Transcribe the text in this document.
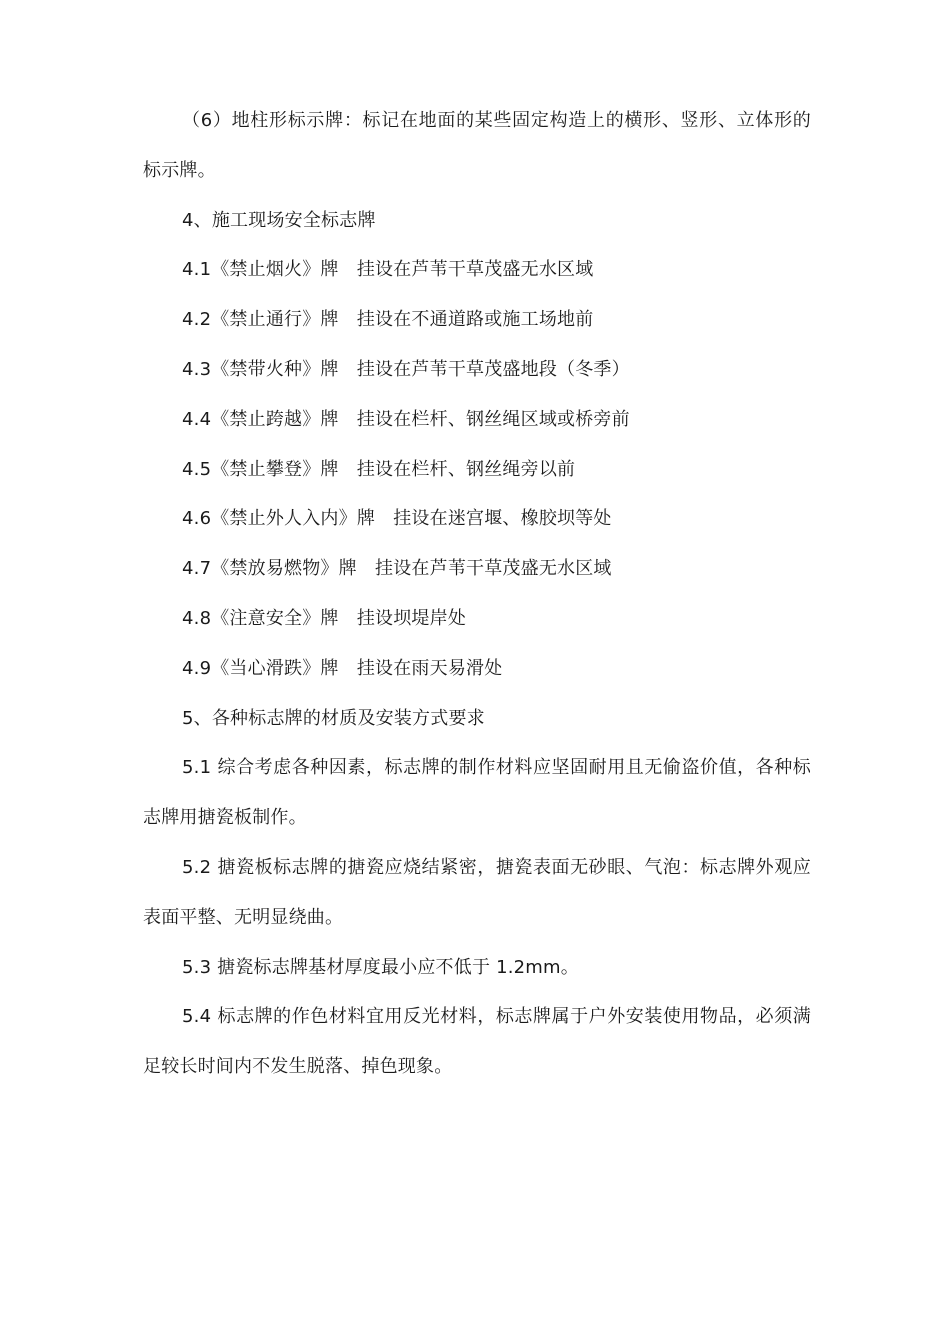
（6）地柱形标示牌：标记在地面的某些固定构造上的横形、竖形、立体形的标示牌。

4、施工现场安全标志牌

4.1《禁止烟火》牌　挂设在芦苇干草茂盛无水区域

4.2《禁止通行》牌　挂设在不通道路或施工场地前

4.3《禁带火种》牌　挂设在芦苇干草茂盛地段（冬季）

4.4《禁止跨越》牌　挂设在栏杆、钢丝绳区域或桥旁前

4.5《禁止攀登》牌　挂设在栏杆、钢丝绳旁以前

4.6《禁止外人入内》牌　挂设在迷宫堰、橡胶坝等处

4.7《禁放易燃物》牌　挂设在芦苇干草茂盛无水区域

4.8《注意安全》牌　挂设坝堤岸处

4.9《当心滑跌》牌　挂设在雨天易滑处

5、各种标志牌的材质及安装方式要求

5.1 综合考虑各种因素，标志牌的制作材料应坚固耐用且无偷盗价值，各种标志牌用搪瓷板制作。

5.2 搪瓷板标志牌的搪瓷应烧结紧密，搪瓷表面无砂眼、气泡：标志牌外观应表面平整、无明显绕曲。

5.3 搪瓷标志牌基材厚度最小应不低于 1.2mm。

5.4 标志牌的作色材料宜用反光材料，标志牌属于户外安装使用物品，必须满足较长时间内不发生脱落、掉色现象。
